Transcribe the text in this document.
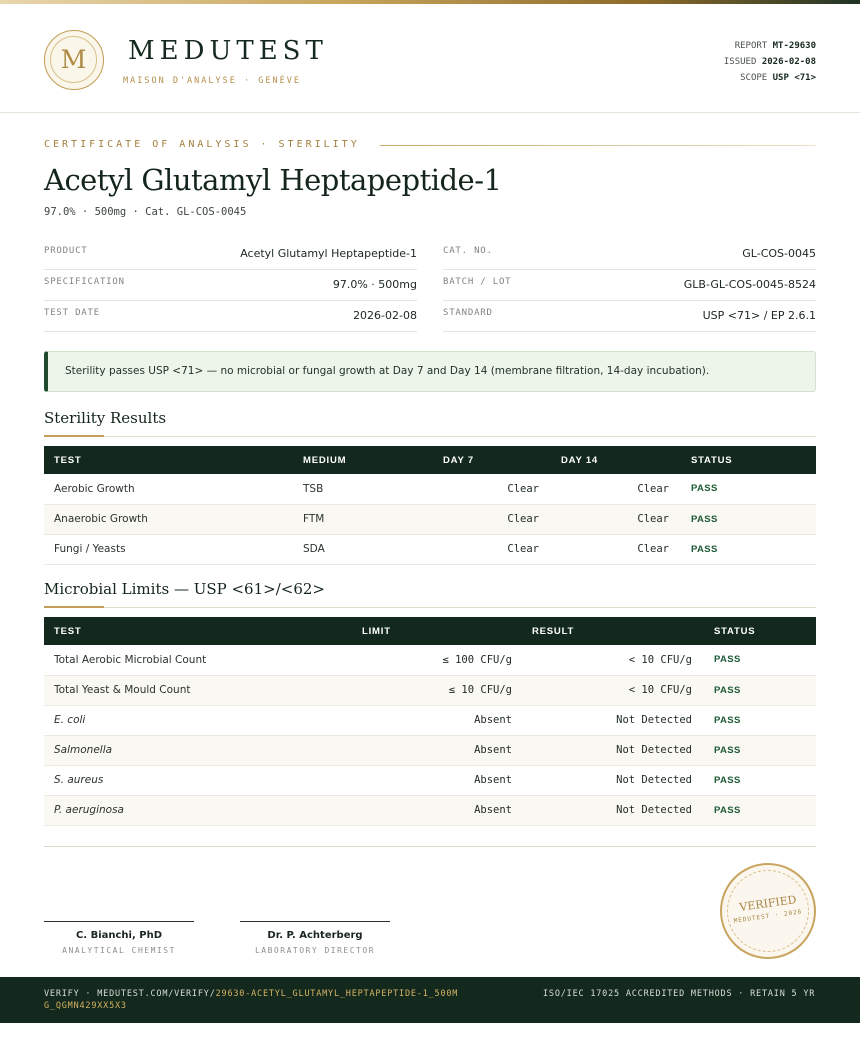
M	MEDUTEST
MAISON D'ANALYSE · GENÈVE
REPORT MT-29630
ISSUED 2026-02-08
SCOPE USP <71>
CERTIFICATE OF ANALYSIS · STERILITY
Acetyl Glutamyl Heptapeptide-1
97.0% · 500mg · Cat. GL-COS-0045
PRODUCT	Acetyl Glutamyl Heptapeptide-1
SPECIFICATION	97.0% · 500mg
TEST DATE	2026-02-08
CAT. NO.	GL-COS-0045
BATCH / LOT	GLB-GL-COS-0045-8524
STANDARD	USP <71> / EP 2.6.1
Sterility passes USP <71> — no microbial or fungal growth at Day 7 and Day 14 (membrane filtration, 14-day incubation).
Sterility Results
TEST	MEDIUM	DAY 7	DAY 14	STATUS
Aerobic Growth	TSB	Clear	Clear	PASS
Anaerobic Growth	FTM	Clear	Clear	PASS
Fungi / Yeasts	SDA	Clear	Clear	PASS
Microbial Limits — USP <61>/<62>
TEST	LIMIT	RESULT	STATUS
Total Aerobic Microbial Count	≤ 100 CFU/g	< 10 CFU/g	PASS
Total Yeast & Mould Count	≤ 10 CFU/g	< 10 CFU/g	PASS
E. coli	Absent	Not Detected	PASS
Salmonella	Absent	Not Detected	PASS
S. aureus	Absent	Not Detected	PASS
P. aeruginosa	Absent	Not Detected	PASS
C. Bianchi, PhD
ANALYTICAL CHEMIST
Dr. P. Achterberg
LABORATORY DIRECTOR
VERIFIED
MEDUTEST · 2026
VERIFY · MEDUTEST.COM/VERIFY/29630-ACETYL_GLUTAMYL_HEPTAPEPTIDE-1_500MG_QGMN429XX5X3
ISO/IEC 17025 ACCREDITED METHODS · RETAIN 5 YR
